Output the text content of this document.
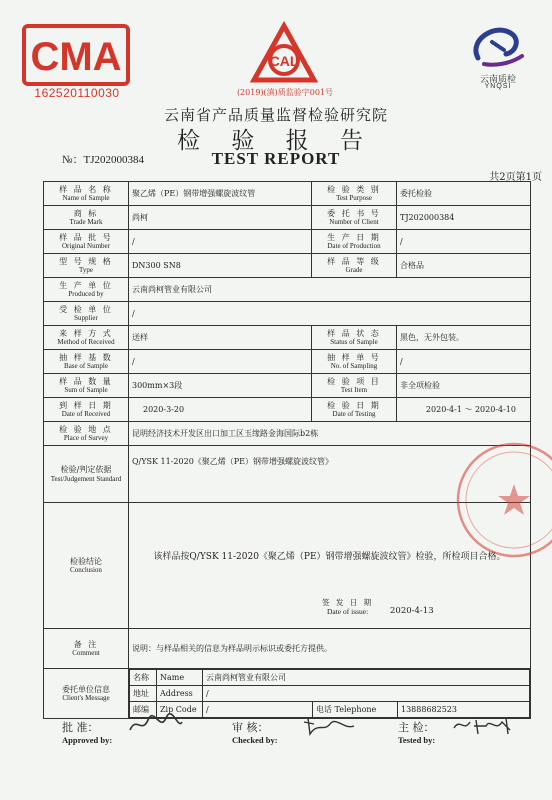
CMA
162520110030
CAL
(2019)(滇)质监验字001号
云南质检
YNQSI
云南省产品质量监督检验研究院
检 验 报 告
TEST REPORT
№：TJ202000384
共2页第1页
样 品 名 称
Name of Sample
	聚乙烯（PE）钢带增强螺旋波纹管	检 验 类 别
Test Purpose
	委托检验

商 标
Trade Mark
	尚柯	委 托 书 号
Number of Client
	TJ202000384

样 品 批 号
Original Number
	/	生 产 日 期
Date of Production
	/

型 号 规 格
Type
	DN300 SN8	样 品 等 级
Grade
	合格品

生 产 单 位
Produced by
	云南尚柯管业有限公司

受 检 单 位
Supplier
	/

来 样 方 式
Method of Received
	送样	样 品 状 态
Status of Sample
	黑色，无外包装。

抽 样 基 数
Base of Sample
	/	抽 样 单 号
No. of Sampling
	/

样 品 数 量
Sum of Sample
	300mm×3段	检 验 项 目
Test Item
	非全项检验

到 样 日 期
Date of Received
	2020-3-20	检 验 日 期
Date of Testing
	2020-4-1 ～ 2020-4-10

检 验 地 点
Place of Survey
	昆明经济技术开发区出口加工区玉缘路金海国际b2栋

检验/判定依据
Test/Judgement Standard
	Q/YSK 11-2020《聚乙烯（PE）钢带增强螺旋波纹管》

检验结论
Conclusion

该样品按Q/YSK 11-2020《聚乙烯（PE）钢带增强螺旋波纹管》检验，所检项目合格。
签 发 日 期
Date of issue:	2020-4-13

备 注
Comment
	说明：与样品相关的信息为样品明示标识或委托方提供。

委托单位信息
Client's Message

名称	Name	云南尚柯管业有限公司
地址	Address	/
邮编	Zip Code	/	电话 Telephone	13888682523
批 准：
Approved by:
审 核：
Checked by:
主 检：
Tested by:
